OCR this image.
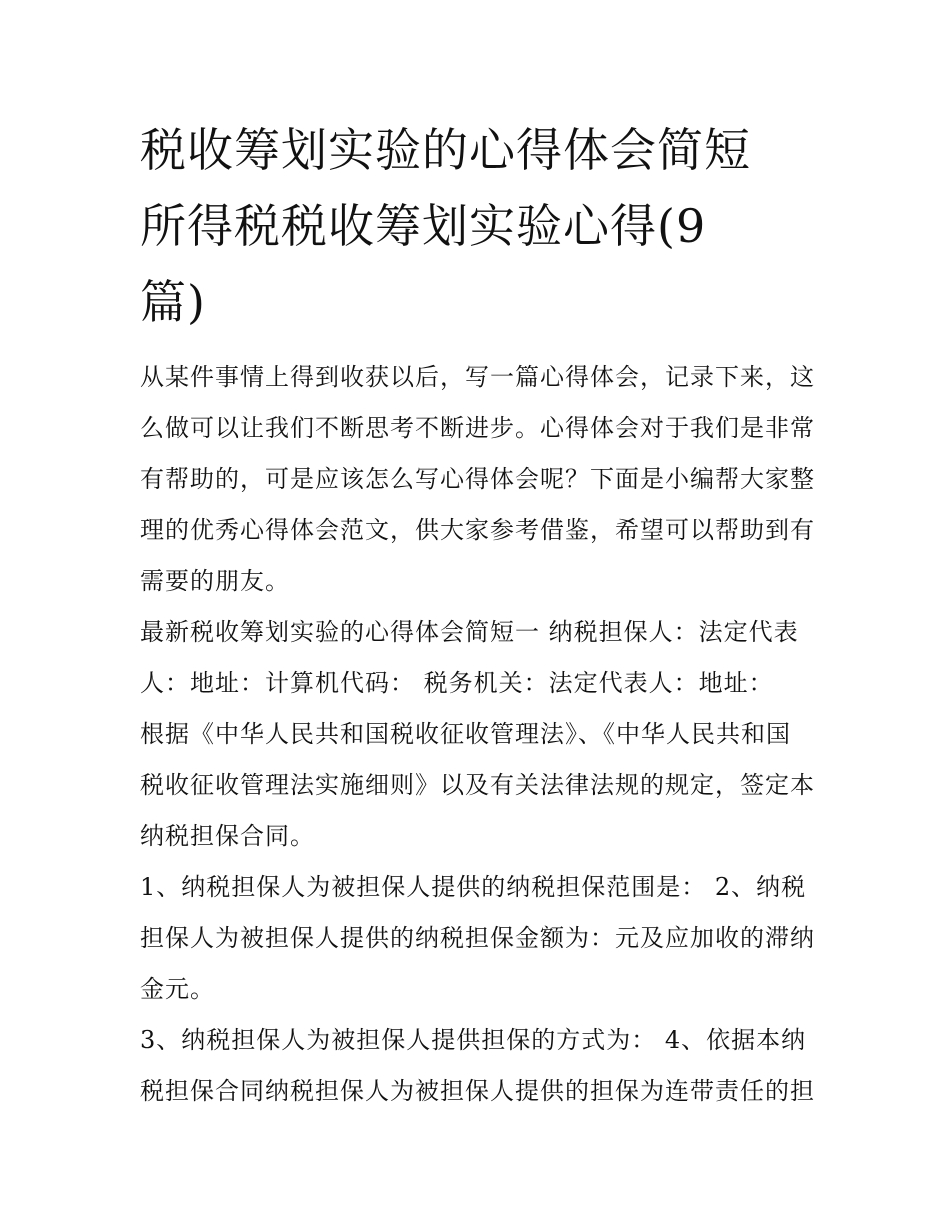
税收筹划实验的心得体会简短
所得税税收筹划实验心得(9
篇)

从某件事情上得到收获以后，写一篇心得体会，记录下来，这
么做可以让我们不断思考不断进步。心得体会对于我们是非常
有帮助的，可是应该怎么写心得体会呢？下面是小编帮大家整
理的优秀心得体会范文，供大家参考借鉴，希望可以帮助到有
需要的朋友。

最新税收筹划实验的心得体会简短一 纳税担保人：法定代表
人：地址：计算机代码： 税务机关：法定代表人：地址：
根据《中华人民共和国税收征收管理法》、《中华人民共和国
税收征收管理法实施细则》以及有关法律法规的规定，签定本
纳税担保合同。

1、纳税担保人为被担保人提供的纳税担保范围是： 2、纳税
担保人为被担保人提供的纳税担保金额为：元及应加收的滞纳
金元。

3、纳税担保人为被担保人提供担保的方式为： 4、依据本纳
税担保合同纳税担保人为被担保人提供的担保为连带责任的担
